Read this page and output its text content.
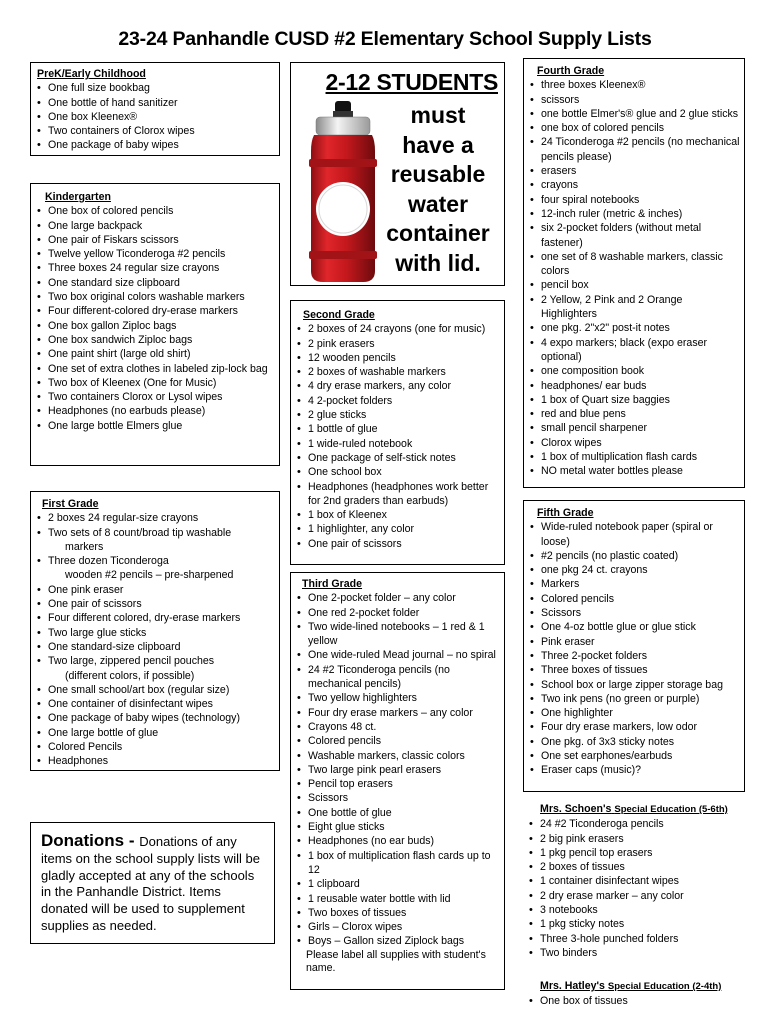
23-24 Panhandle CUSD #2 Elementary School Supply Lists
PreK/Early Childhood
• One full size bookbag
• One bottle of hand sanitizer
• One box Kleenex®
• Two containers of Clorox wipes
• One package of baby wipes
Kindergarten
• One box of colored pencils
• One large backpack
• One pair of Fiskars scissors
• Twelve yellow Ticonderoga #2 pencils
• Three boxes 24 regular size crayons
• One standard size clipboard
• Two box original colors washable markers
• Four different-colored dry-erase markers
• One box gallon Ziploc bags
• One box sandwich Ziploc bags
• One paint shirt (large old shirt)
• One set of extra clothes in labeled zip-lock bag
• Two box of Kleenex (One for Music)
• Two containers Clorox or Lysol wipes
• Headphones (no earbuds please)
• One large bottle Elmers glue
First Grade
• 2 boxes 24 regular-size crayons
• Two sets of 8 count/broad tip washable
markers
• Three dozen Ticonderoga
wooden #2 pencils – pre-sharpened
• One pink eraser
• One pair of scissors
• Four different colored, dry-erase markers
• Two large glue sticks
• One standard-size clipboard
• Two large, zippered pencil pouches
(different colors, if possible)
• One small school/art box (regular size)
• One container of disinfectant wipes
• One package of baby wipes (technology)
• One large bottle of glue
• Colored Pencils
• Headphones
Donations - Donations of any
items on the school supply lists will be gladly accepted at any of the schools in the Panhandle District. Items donated will be used to supplement supplies as needed.
2-12 STUDENTS
must
have a
reusable
water
container
with lid.
Second Grade
• 2 boxes of 24 crayons (one for music)
• 2 pink erasers
• 12 wooden pencils
• 2 boxes of washable markers
• 4 dry erase markers, any color
• 4 2-pocket folders
• 2 glue sticks
• 1 bottle of glue
• 1 wide-ruled notebook
• One package of self-stick notes
• One school box
• Headphones (headphones work better for 2nd graders than earbuds)
• 1 box of Kleenex
• 1 highlighter, any color
• One pair of scissors
Third Grade
• One 2-pocket folder – any color
• One red 2-pocket folder
• Two wide-lined notebooks – 1 red & 1 yellow
• One wide-ruled Mead journal – no spiral
• 24 #2 Ticonderoga pencils (no mechanical pencils)
• Two yellow highlighters
• Four dry erase markers – any color
• Crayons 48 ct.
• Colored pencils
• Washable markers, classic colors
• Two large pink pearl erasers
• Pencil top erasers
• Scissors
• One bottle of glue
• Eight glue sticks
• Headphones (no ear buds)
• 1 box of multiplication flash cards up to 12
• 1 clipboard
• 1 reusable water bottle with lid
• Two boxes of tissues
• Girls – Clorox wipes
• Boys – Gallon sized Ziplock bags
Please label all supplies with student's name.
Fourth Grade
• three boxes Kleenex®
• scissors
• one bottle Elmer's® glue and 2 glue sticks
• one box of colored pencils
• 24 Ticonderoga #2 pencils (no mechanical pencils please)
• erasers
• crayons
• four spiral notebooks
• 12-inch ruler (metric & inches)
• six 2-pocket folders (without metal fastener)
• one set of 8 washable markers, classic colors
• pencil box
• 2 Yellow, 2 Pink and 2 Orange Highlighters
• one pkg. 2"x2" post-it notes
• 4 expo markers; black (expo eraser optional)
• one composition book
• headphones/ ear buds
• 1 box of Quart size baggies
• red and blue pens
• small pencil sharpener
• Clorox wipes
• 1 box of multiplication flash cards
• NO metal water bottles please
Fifth Grade
• Wide-ruled notebook paper (spiral or loose)
• #2 pencils (no plastic coated)
• one pkg 24 ct. crayons
• Markers
• Colored pencils
• Scissors
• One 4-oz bottle glue or glue stick
• Pink eraser
• Three 2-pocket folders
• Three boxes of tissues
• School box or large zipper storage bag
• Two ink pens (no green or purple)
• One highlighter
• Four dry erase markers, low odor
• One pkg. of 3x3 sticky notes
• One set earphones/earbuds
• Eraser caps (music)?
Mrs. Schoen's Special Education (5-6th)
• 24 #2 Ticonderoga pencils
• 2 big pink erasers
• 1 pkg pencil top erasers
• 2 boxes of tissues
• 1 container disinfectant wipes
• 2 dry erase marker – any color
• 3 notebooks
• 1 pkg sticky notes
• Three 3-hole punched folders
• Two binders
Mrs. Hatley's Special Education (2-4th)
• One box of tissues
